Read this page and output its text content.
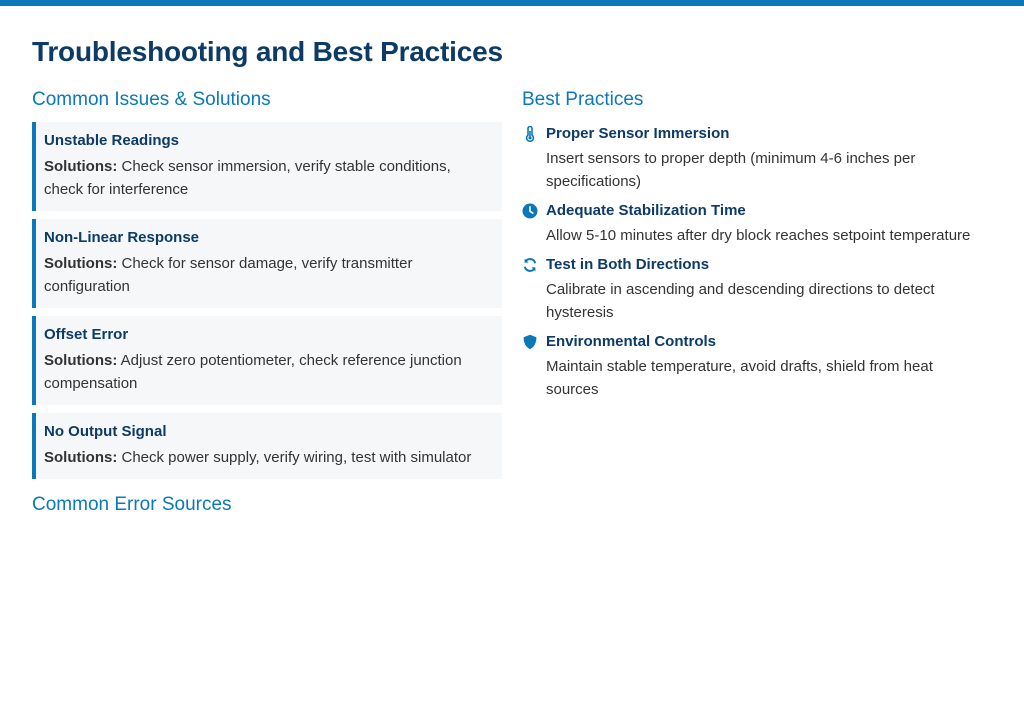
Troubleshooting and Best Practices
Common Issues & Solutions
Unstable Readings
Solutions: Check sensor immersion, verify stable conditions, check for interference
Non-Linear Response
Solutions: Check for sensor damage, verify transmitter configuration
Offset Error
Solutions: Adjust zero potentiometer, check reference junction compensation
No Output Signal
Solutions: Check power supply, verify wiring, test with simulator
Common Error Sources
Best Practices
Proper Sensor Immersion
Insert sensors to proper depth (minimum 4-6 inches per specifications)
Adequate Stabilization Time
Allow 5-10 minutes after dry block reaches setpoint temperature
Test in Both Directions
Calibrate in ascending and descending directions to detect hysteresis
Environmental Controls
Maintain stable temperature, avoid drafts, shield from heat sources
